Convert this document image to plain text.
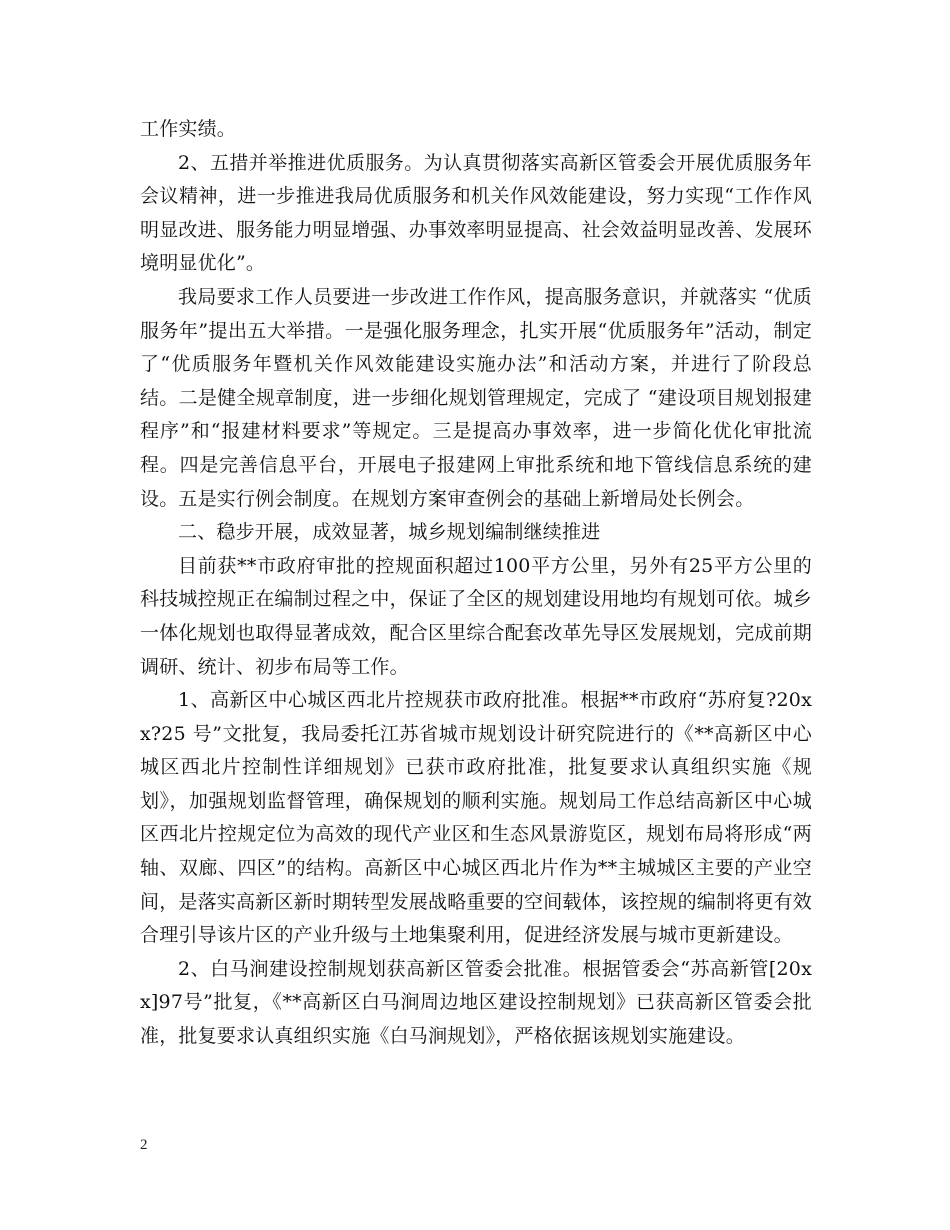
工作实绩。

2、五措并举推进优质服务。为认真贯彻落实高新区管委会开展优质服务年会议精神，进一步推进我局优质服务和机关作风效能建设，努力实现“工作作风明显改进、服务能力明显增强、办事效率明显提高、社会效益明显改善、发展环境明显优化”。

我局要求工作人员要进一步改进工作作风，提高服务意识，并就落实 “优质服务年”提出五大举措。一是强化服务理念，扎实开展“优质服务年”活动，制定了“优质服务年暨机关作风效能建设实施办法”和活动方案，并进行了阶段总结。二是健全规章制度，进一步细化规划管理规定，完成了 “建设项目规划报建程序”和“报建材料要求”等规定。三是提高办事效率，进一步简化优化审批流程。四是完善信息平台，开展电子报建网上审批系统和地下管线信息系统的建设。五是实行例会制度。在规划方案审查例会的基础上新增局处长例会。

二、稳步开展，成效显著，城乡规划编制继续推进

目前获**市政府审批的控规面积超过100平方公里，另外有25平方公里的科技城控规正在编制过程之中，保证了全区的规划建设用地均有规划可依。城乡一体化规划也取得显著成效，配合区里综合配套改革先导区发展规划，完成前期调研、统计、初步布局等工作。

1、高新区中心城区西北片控规获市政府批准。根据**市政府“苏府复?20xx?25 号”文批复，我局委托江苏省城市规划设计研究院进行的《**高新区中心城区西北片控制性详细规划》已获市政府批准，批复要求认真组织实施《规划》，加强规划监督管理，确保规划的顺利实施。规划局工作总结高新区中心城区西北片控规定位为高效的现代产业区和生态风景游览区，规划布局将形成“两轴、双廊、四区”的结构。高新区中心城区西北片作为**主城城区主要的产业空间，是落实高新区新时期转型发展战略重要的空间载体，该控规的编制将更有效合理引导该片区的产业升级与土地集聚利用，促进经济发展与城市更新建设。

2、白马涧建设控制规划获高新区管委会批准。根据管委会“苏高新管[20xx]97号”批复，《**高新区白马涧周边地区建设控制规划》已获高新区管委会批准，批复要求认真组织实施《白马涧规划》，严格依据该规划实施建设。

2
